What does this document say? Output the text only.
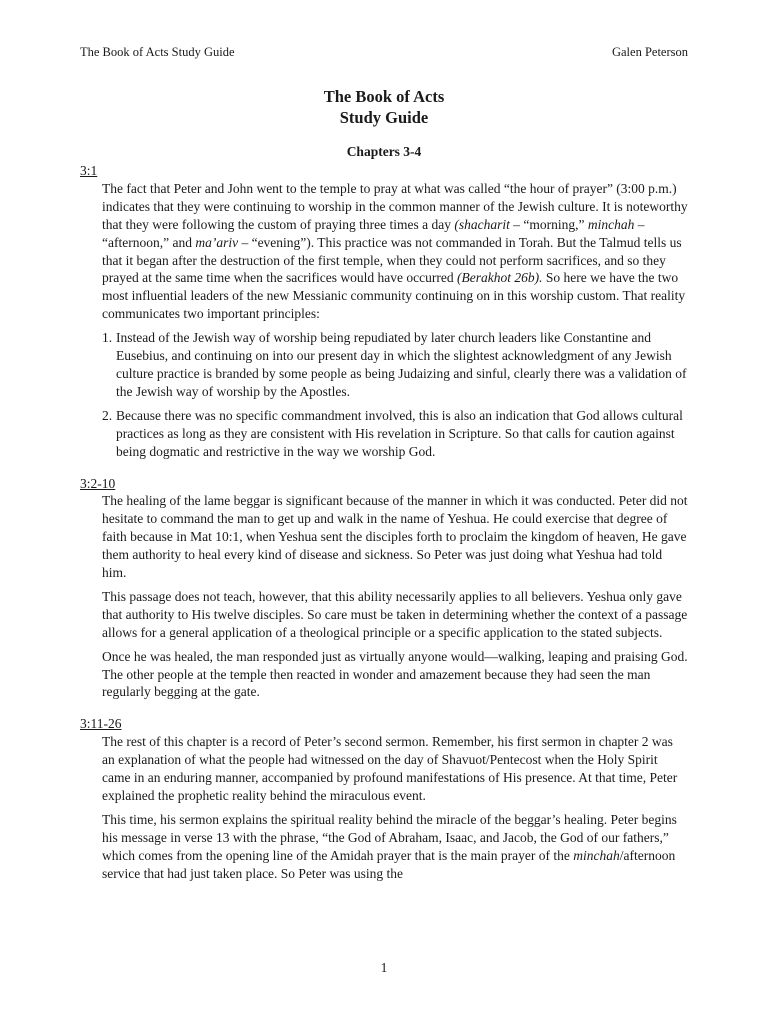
The Book of Acts Study Guide	Galen Peterson
The Book of Acts
Study Guide
Chapters 3-4

3:1

The fact that Peter and John went to the temple to pray at what was called “the hour of prayer” (3:00 p.m.) indicates that they were continuing to worship in the common manner of the Jewish culture. It is noteworthy that they were following the custom of praying three times a day (shacharit – “morning,” minchah – “afternoon,” and ma’ariv – “evening”). This practice was not commanded in Torah. But the Talmud tells us that it began after the destruction of the first temple, when they could not perform sacrifices, and so they prayed at the same time when the sacrifices would have occurred (Berakhot 26b). So here we have the two most influential leaders of the new Messianic community continuing on in this worship custom. That reality communicates two important principles:

1. Instead of the Jewish way of worship being repudiated by later church leaders like Constantine and Eusebius, and continuing on into our present day in which the slightest acknowledgment of any Jewish culture practice is branded by some people as being Judaizing and sinful, clearly there was a validation of the Jewish way of worship by the Apostles.
2. Because there was no specific commandment involved, this is also an indication that God allows cultural practices as long as they are consistent with His revelation in Scripture. So that calls for caution against being dogmatic and restrictive in the way we worship God.

3:2-10

The healing of the lame beggar is significant because of the manner in which it was conducted. Peter did not hesitate to command the man to get up and walk in the name of Yeshua. He could exercise that degree of faith because in Mat 10:1, when Yeshua sent the disciples forth to proclaim the kingdom of heaven, He gave them authority to heal every kind of disease and sickness. So Peter was just doing what Yeshua had told him.

This passage does not teach, however, that this ability necessarily applies to all believers. Yeshua only gave that authority to His twelve disciples. So care must be taken in determining whether the context of a passage allows for a general application of a theological principle or a specific application to the stated subjects.

Once he was healed, the man responded just as virtually anyone would—walking, leaping and praising God. The other people at the temple then reacted in wonder and amazement because they had seen the man regularly begging at the gate.

3:11-26

The rest of this chapter is a record of Peter’s second sermon. Remember, his first sermon in chapter 2 was an explanation of what the people had witnessed on the day of Shavuot/Pentecost when the Holy Spirit came in an enduring manner, accompanied by profound manifestations of His presence. At that time, Peter explained the prophetic reality behind the miraculous event.

This time, his sermon explains the spiritual reality behind the miracle of the beggar’s healing. Peter begins his message in verse 13 with the phrase, “the God of Abraham, Isaac, and Jacob, the God of our fathers,” which comes from the opening line of the Amidah prayer that is the main prayer of the minchah/afternoon service that had just taken place. So Peter was using the

1
